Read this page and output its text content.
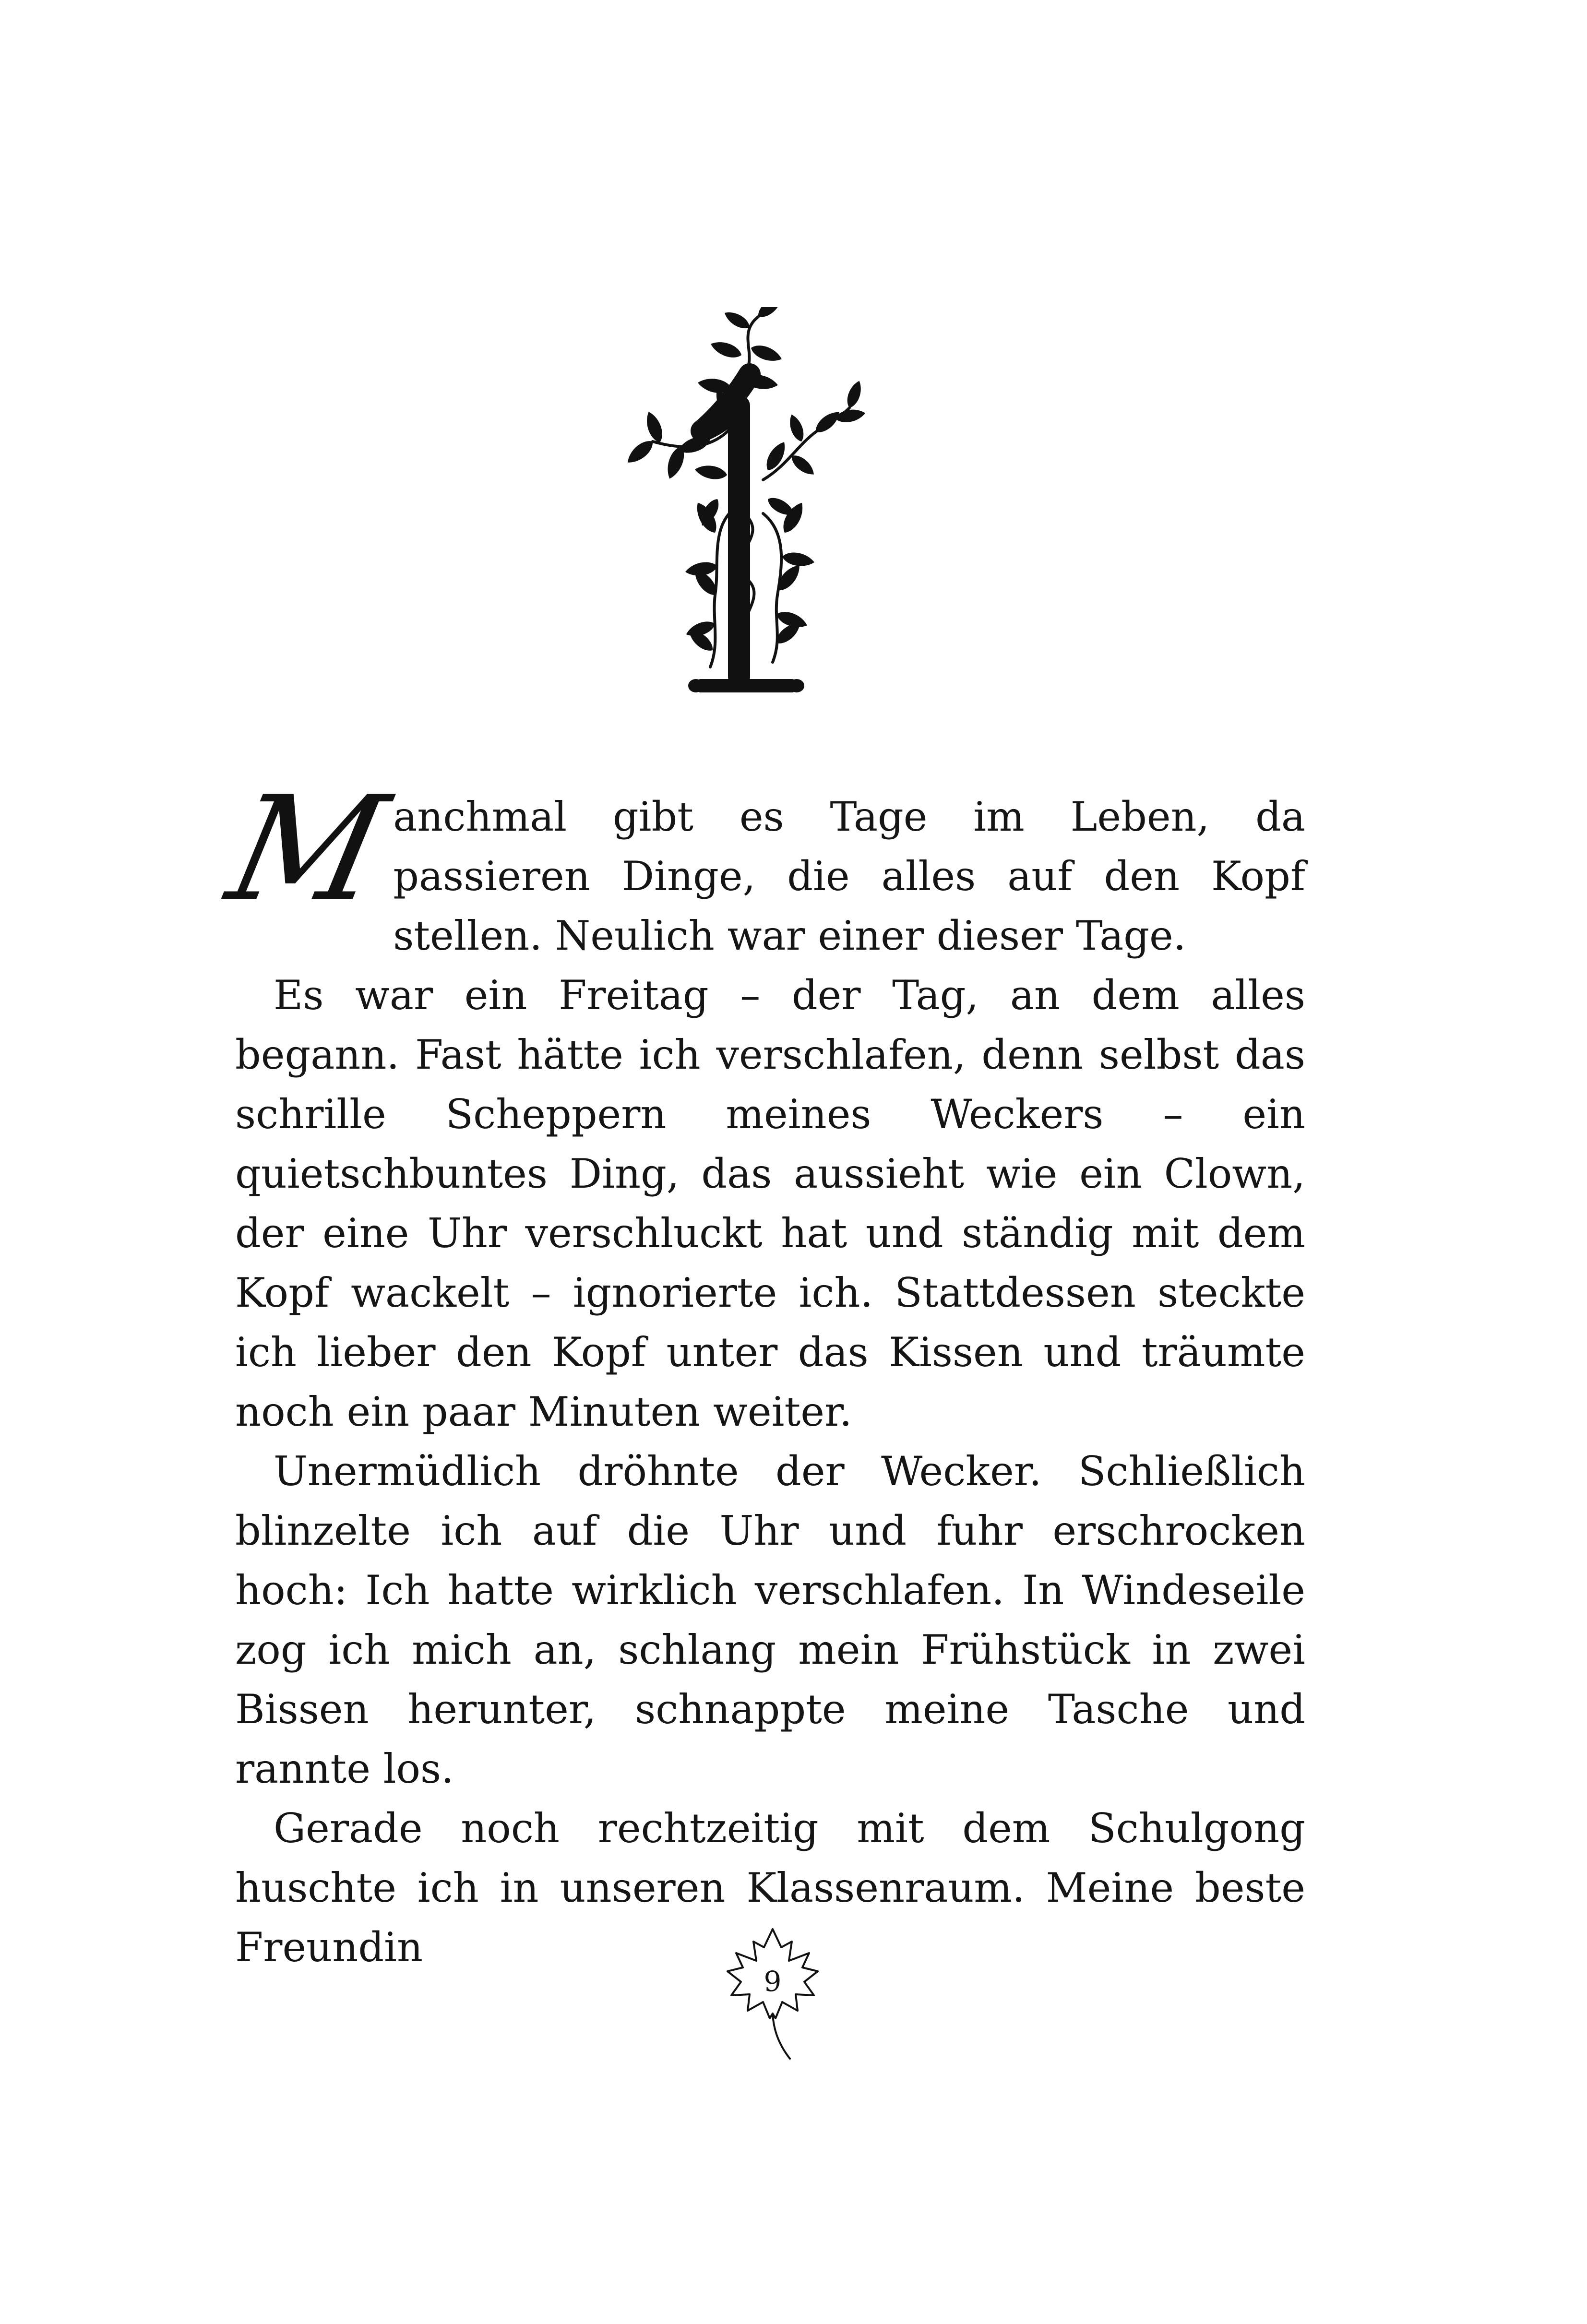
M
anchmal gibt es Tage im Leben, da passieren Dinge, die alles auf den Kopf stellen. Neulich war einer dieser Tage.

Es war ein Freitag – der Tag, an dem alles begann. Fast hätte ich verschlafen, denn selbst das schrille Scheppern meines Weckers – ein quietschbuntes Ding, das aussieht wie ein Clown, der eine Uhr verschluckt hat und ständig mit dem Kopf wackelt – ignorierte ich. Stattdessen steckte ich lieber den Kopf unter das Kissen und träumte noch ein paar Minuten weiter.

Unermüdlich dröhnte der Wecker. Schließlich blinzelte ich auf die Uhr und fuhr erschrocken hoch: Ich hatte wirklich verschlafen. In Windeseile zog ich mich an, schlang mein Frühstück in zwei Bissen herunter, schnappte meine Tasche und rannte los.

Gerade noch rechtzeitig mit dem Schulgong huschte ich in unseren Klassenraum. Meine beste Freundin

9
